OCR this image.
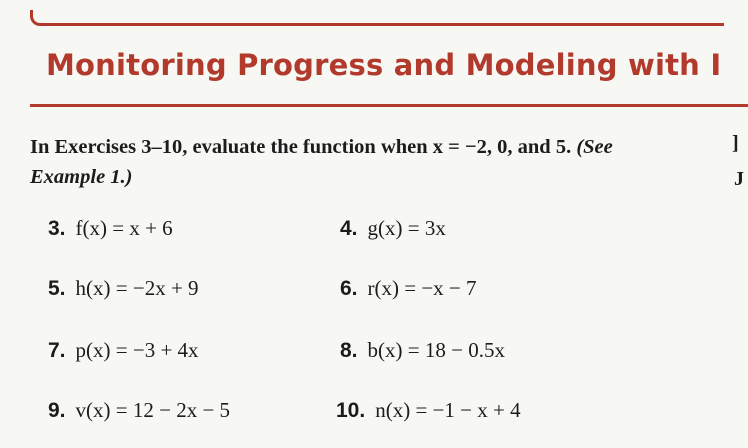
Monitoring Progress and Modeling with I
In Exercises 3–10, evaluate the function when x = −2, 0, and 5. (See Example 1.)
]
J
3. f(x) = x + 6	4. g(x) = 3x
5. h(x) = −2x + 9	6. r(x) = −x − 7
7. p(x) = −3 + 4x	8. b(x) = 18 − 0.5x
9. v(x) = 12 − 2x − 5	10. n(x) = −1 − x + 4
